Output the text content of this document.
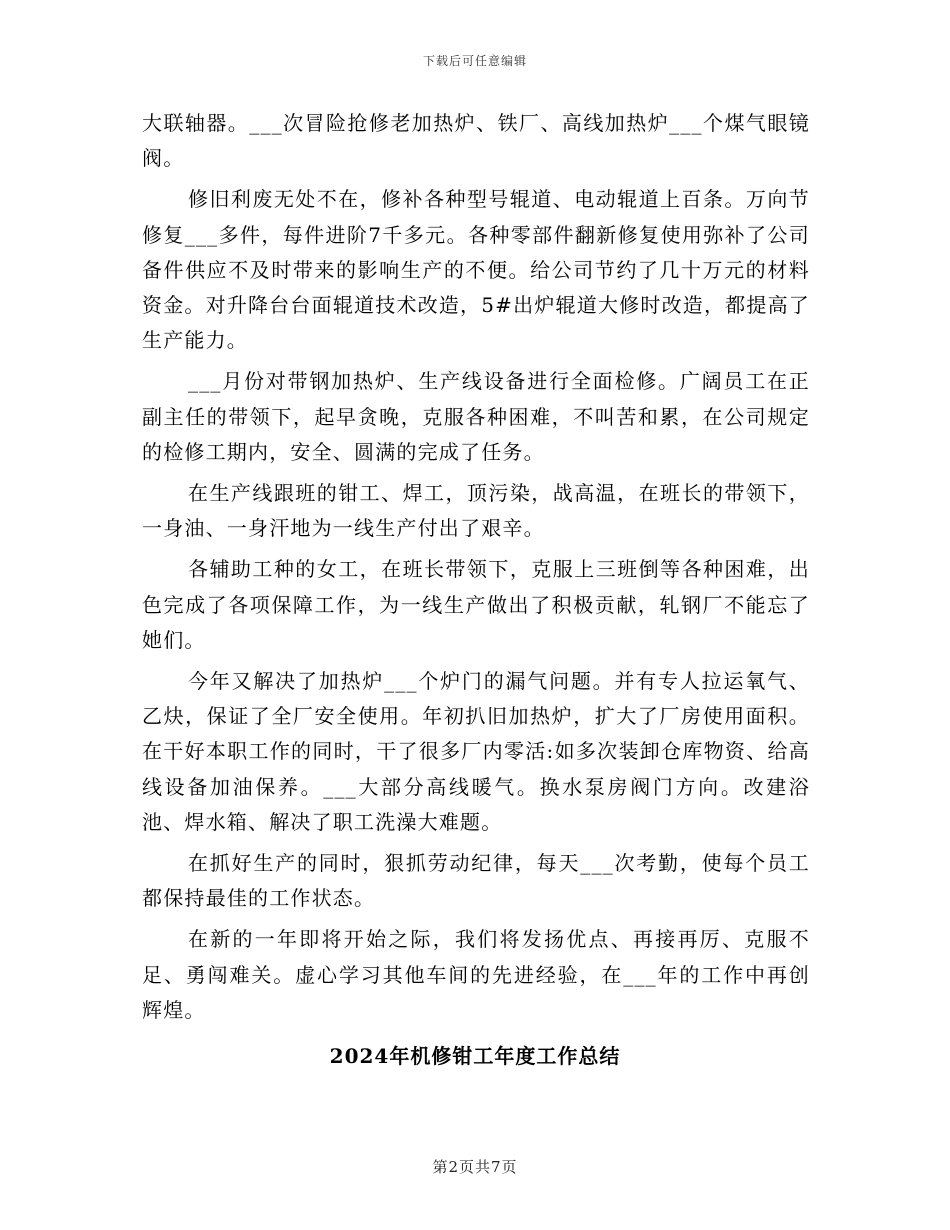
下载后可任意编辑

大联轴器。___次冒险抢修老加热炉、铁厂、高线加热炉___个煤气眼镜阀。

修旧利废无处不在，修补各种型号辊道、电动辊道上百条。万向节修复___多件，每件进阶7千多元。各种零部件翻新修复使用弥补了公司备件供应不及时带来的影响生产的不便。给公司节约了几十万元的材料资金。对升降台台面辊道技术改造，5#出炉辊道大修时改造，都提高了生产能力。

___月份对带钢加热炉、生产线设备进行全面检修。广阔员工在正副主任的带领下，起早贪晚，克服各种困难，不叫苦和累，在公司规定的检修工期内，安全、圆满的完成了任务。

在生产线跟班的钳工、焊工，顶污染，战高温，在班长的带领下，一身油、一身汗地为一线生产付出了艰辛。

各辅助工种的女工，在班长带领下，克服上三班倒等各种困难，出色完成了各项保障工作，为一线生产做出了积极贡献，轧钢厂不能忘了她们。

今年又解决了加热炉___个炉门的漏气问题。并有专人拉运氧气、乙炔，保证了全厂安全使用。年初扒旧加热炉，扩大了厂房使用面积。在干好本职工作的同时，干了很多厂内零活:如多次装卸仓库物资、给高线设备加油保养。___大部分高线暖气。换水泵房阀门方向。改建浴池、焊水箱、解决了职工洗澡大难题。

在抓好生产的同时，狠抓劳动纪律，每天___次考勤，使每个员工都保持最佳的工作状态。

在新的一年即将开始之际，我们将发扬优点、再接再厉、克服不足、勇闯难关。虚心学习其他车间的先进经验，在___年的工作中再创辉煌。

2024年机修钳工年度工作总结
第2页共7页
